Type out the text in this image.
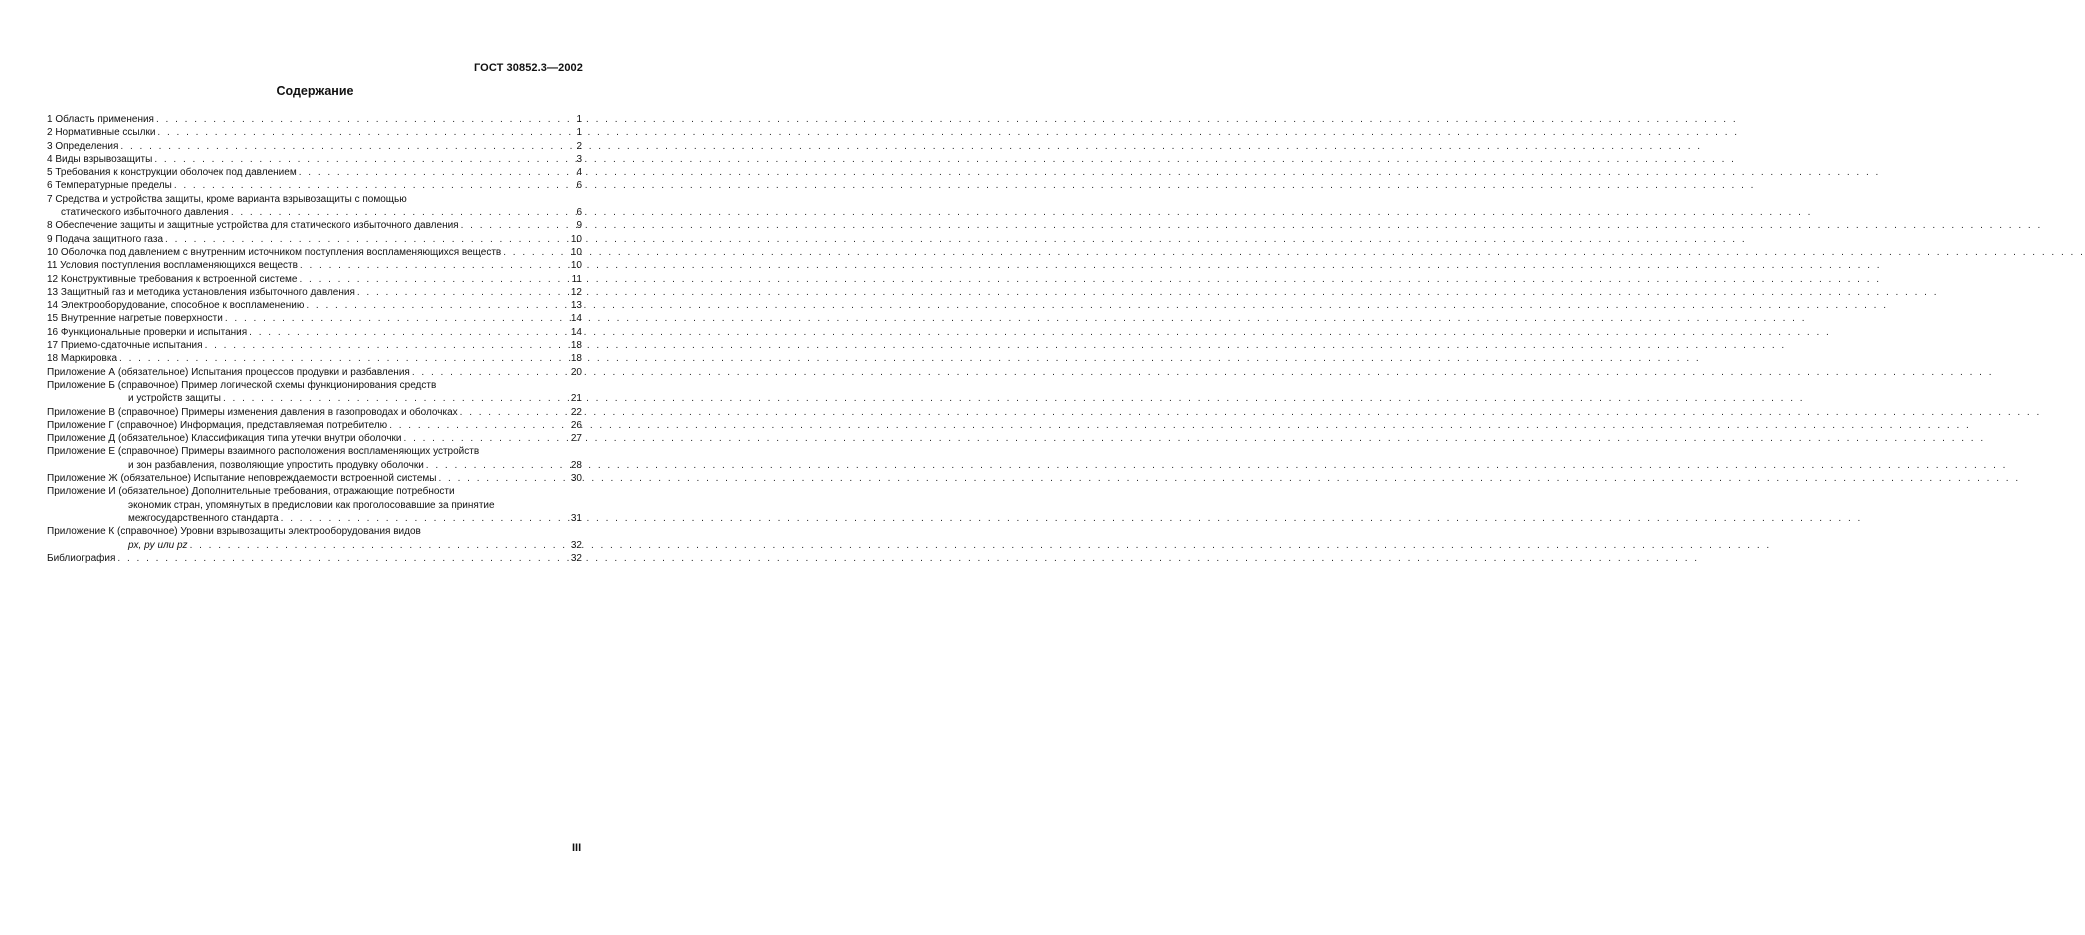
ГОСТ 30852.3—2002
Содержание
1 Область применения . . .	1
2 Нормативные ссылки . . .	1
3 Определения . . .	2
4 Виды взрывозащиты . . .	3
5 Требования к конструкции оболочек под давлением . . .	4
6 Температурные пределы . . .	6
7 Средства и устройства защиты, кроме варианта взрывозащиты с помощью
статического избыточного давления . . .	6
8 Обеспечение защиты и защитные устройства для статического избыточного давления . . .	9
9 Подача защитного газа . . .	10
10 Оболочка под давлением с внутренним источником поступления воспламеняющихся веществ . . .	10
11 Условия поступления воспламеняющихся веществ . . .	10
12 Конструктивные требования к встроенной системе . . .	11
13 Защитный газ и методика установления избыточного давления . . .	12
14 Электрооборудование, способное к воспламенению . . .	13
15 Внутренние нагретые поверхности . . .	14
16 Функциональные проверки и испытания . . .	14
17 Приемо-сдаточные испытания . . .	18
18 Маркировка . . .	18
Приложение А (обязательное) Испытания процессов продувки и разбавления . . .	20
Приложение Б (справочное) Пример логической схемы функционирования средств
и устройств защиты . . .	21
Приложение В (справочное) Примеры изменения давления в газопроводах и оболочках . . .	22
Приложение Г (справочное) Информация, представляемая потребителю . . .	26
Приложение Д (обязательное) Классификация типа утечки внутри оболочки . . .	27
Приложение Е (справочное) Примеры взаимного расположения воспламеняющих устройств
и зон разбавления, позволяющие упростить продувку оболочки . . .	28
Приложение Ж (обязательное) Испытание неповреждаемости встроенной системы . . .	30
Приложение И (обязательное) Дополнительные требования, отражающие потребности
экономик стран, упомянутых в предисловии как проголосовавшие за принятие
межгосударственного стандарта . . .	31
Приложение К (справочное) Уровни взрывозащиты электрооборудования видов
px, py или pz . . .	32
Библиография . . .	32
III
